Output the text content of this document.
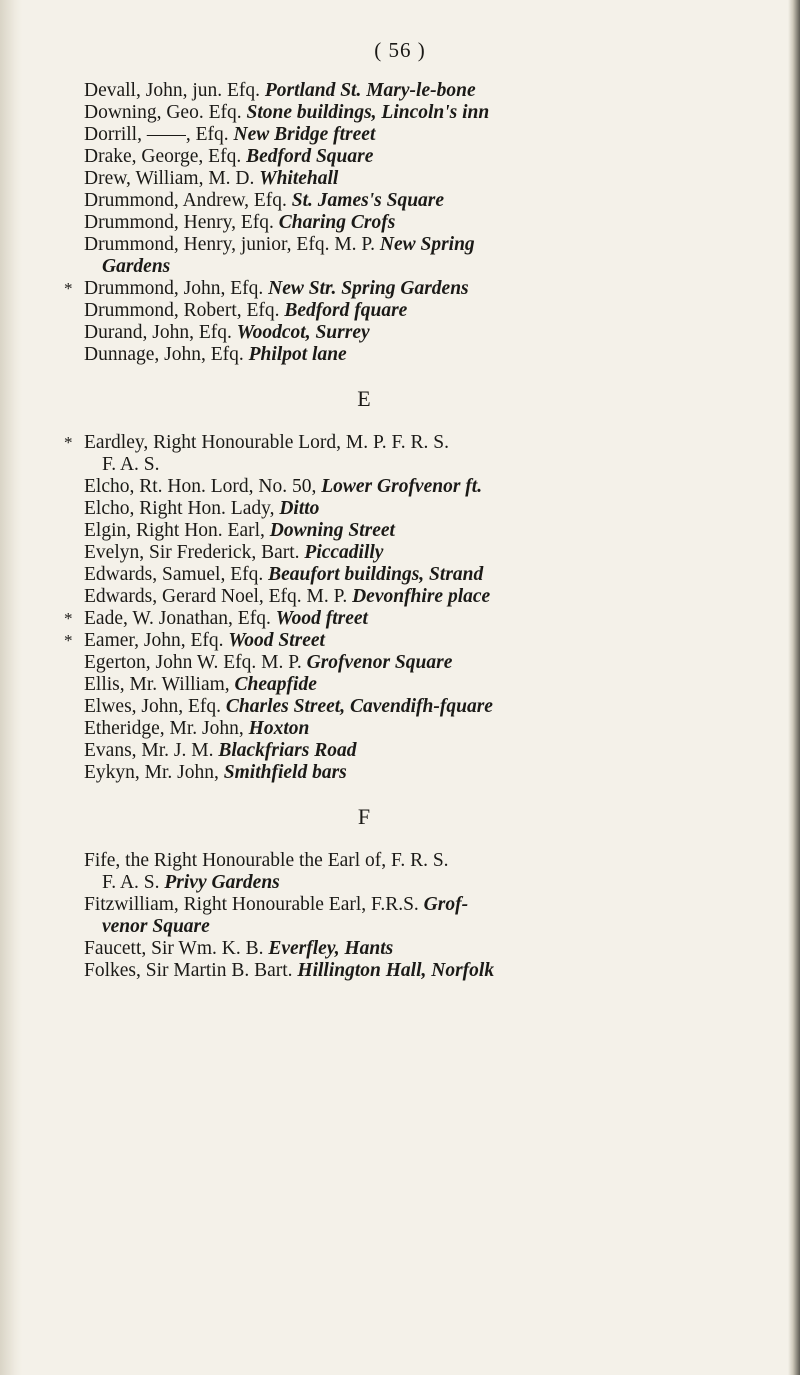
( 56 )
Devall, John, jun. Efq. Portland St. Mary-le-bone
Downing, Geo. Efq. Stone buildings, Lincoln's inn
Dorrill, ——, Efq. New Bridge ftreet
Drake, George, Efq. Bedford Square
Drew, William, M. D. Whitehall
Drummond, Andrew, Efq. St. James's Square
Drummond, Henry, Efq. Charing Crofs
Drummond, Henry, junior, Efq. M. P. New Spring
Gardens
* Drummond, John, Efq. New Str. Spring Gardens
Drummond, Robert, Efq. Bedford fquare
Durand, John, Efq. Woodcot, Surrey
Dunnage, John, Efq. Philpot lane
E
* Eardley, Right Honourable Lord, M. P. F. R. S.
F. A. S.
Elcho, Rt. Hon. Lord, No. 50, Lower Grofvenor ft.
Elcho, Right Hon. Lady, Ditto
Elgin, Right Hon. Earl, Downing Street
Evelyn, Sir Frederick, Bart. Piccadilly
Edwards, Samuel, Efq. Beaufort buildings, Strand
Edwards, Gerard Noel, Efq. M. P. Devonfhire place
* Eade, W. Jonathan, Efq. Wood ftreet
* Eamer, John, Efq. Wood Street
Egerton, John W. Efq. M. P. Grofvenor Square
Ellis, Mr. William, Cheapfide
Elwes, John, Efq. Charles Street, Cavendifh-fquare
Etheridge, Mr. John, Hoxton
Evans, Mr. J. M. Blackfriars Road
Eykyn, Mr. John, Smithfield bars
F
Fife, the Right Honourable the Earl of, F. R. S.
F. A. S. Privy Gardens
Fitzwilliam, Right Honourable Earl, F.R.S. Grof-
venor Square
Faucett, Sir Wm. K. B. Everfley, Hants
Folkes, Sir Martin B. Bart. Hillington Hall, Norfolk
